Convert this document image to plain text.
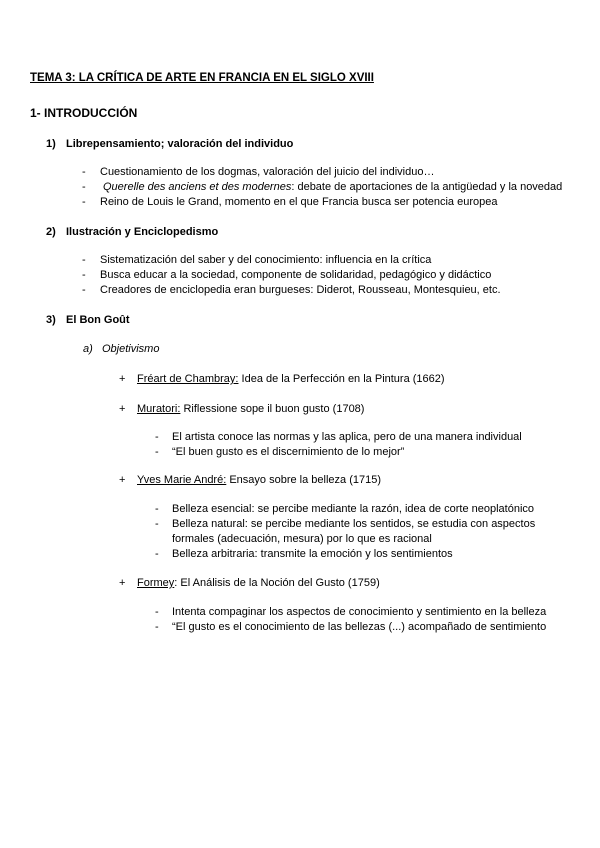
TEMA 3: LA CRÍTICA DE ARTE EN FRANCIA EN EL SIGLO XVIII
1- INTRODUCCIÓN
1) Librepensamiento; valoración del individuo
- Cuestionamiento de los dogmas, valoración del juicio del individuo…
- Querelle des anciens et des modernes: debate de aportaciones de la antigüedad y la novedad
- Reino de Louis le Grand, momento en el que Francia busca ser potencia europea
2) Ilustración y Enciclopedismo
- Sistematización del saber y del conocimiento: influencia en la crítica
- Busca educar a la sociedad, componente de solidaridad, pedagógico y didáctico
- Creadores de enciclopedia eran burgueses: Diderot, Rousseau, Montesquieu, etc.
3) El Bon Goût
a) Objetivismo
+ Fréart de Chambray: Idea de la Perfección en la Pintura (1662)
+ Muratori: Riflessione sope il buon gusto (1708)
- El artista conoce las normas y las aplica, pero de una manera individual
- “El buen gusto es el discernimiento de lo mejor”
+ Yves Marie André: Ensayo sobre la belleza (1715)
- Belleza esencial: se percibe mediante la razón, idea de corte neoplatónico
- Belleza natural: se percibe mediante los sentidos, se estudia con aspectos
formales (adecuación, mesura) por lo que es racional
- Belleza arbitraria: transmite la emoción y los sentimientos
+ Formey: El Análisis de la Noción del Gusto (1759)
- Intenta compaginar los aspectos de conocimiento y sentimiento en la belleza
- “El gusto es el conocimiento de las bellezas (...) acompañado de sentimiento
